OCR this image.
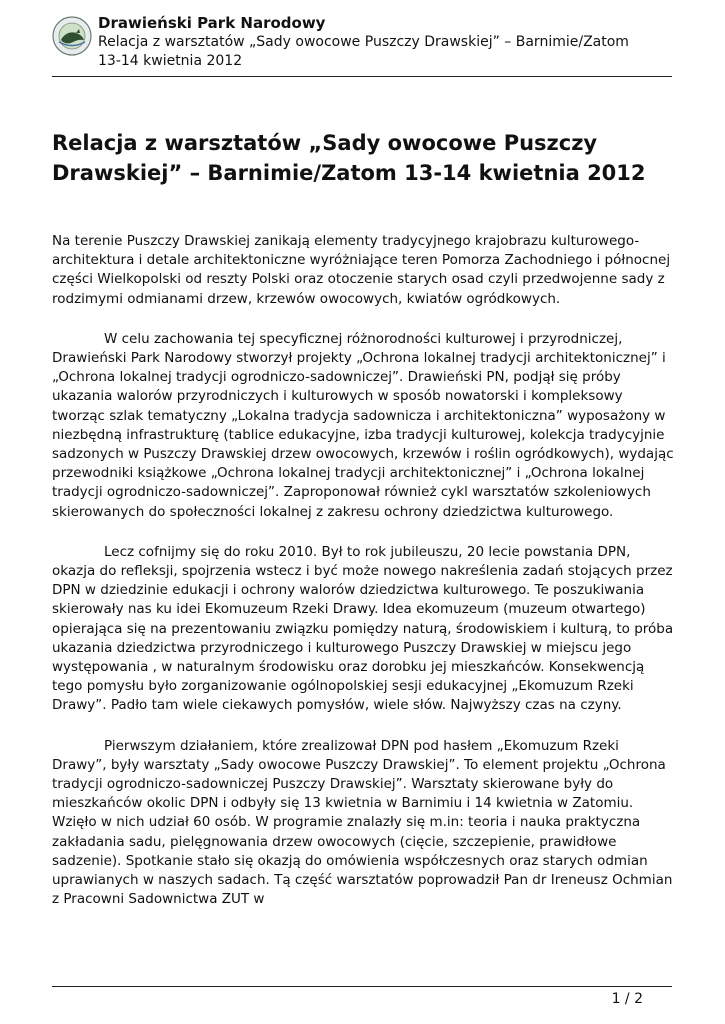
Drawieński Park Narodowy
Relacja z warsztatów „Sady owocowe Puszczy Drawskiej” – Barnimie/Zatom
13-14 kwietnia 2012
Relacja z warsztatów „Sady owocowe Puszczy Drawskiej” – Barnimie/Zatom 13-14 kwietnia 2012

Na terenie Puszczy Drawskiej zanikają elementy tradycyjnego krajobrazu kulturowego- architektura i detale architektoniczne wyróżniające teren Pomorza Zachodniego i północnej części Wielkopolski od reszty Polski oraz otoczenie starych osad czyli przedwojenne sady z rodzimymi odmianami drzew, krzewów owocowych, kwiatów ogródkowych.

W celu zachowania tej specyficznej różnorodności kulturowej i przyrodniczej, Drawieński Park Narodowy stworzył projekty „Ochrona lokalnej tradycji architektonicznej” i „Ochrona lokalnej tradycji ogrodniczo-sadowniczej”. Drawieński PN, podjął się próby ukazania walorów przyrodniczych i kulturowych w sposób nowatorski i kompleksowy tworząc szlak tematyczny „Lokalna tradycja sadownicza i architektoniczna” wyposażony w niezbędną infrastrukturę (tablice edukacyjne, izba tradycji kulturowej, kolekcja tradycyjnie sadzonych w Puszczy Drawskiej drzew owocowych, krzewów i roślin ogródkowych), wydając przewodniki książkowe „Ochrona lokalnej tradycji architektonicznej” i „Ochrona lokalnej tradycji ogrodniczo-sadowniczej”. Zaproponował również cykl warsztatów szkoleniowych skierowanych do społeczności lokalnej z zakresu ochrony dziedzictwa kulturowego.

Lecz cofnijmy się do roku 2010. Był to rok jubileuszu, 20 lecie powstania DPN, okazja do refleksji, spojrzenia wstecz i być może nowego nakreślenia zadań stojących przez DPN w dziedzinie edukacji i ochrony walorów dziedzictwa kulturowego. Te poszukiwania skierowały nas ku idei Ekomuzeum Rzeki Drawy. Idea ekomuzeum (muzeum otwartego) opierająca się na prezentowaniu związku pomiędzy naturą, środowiskiem i kulturą, to próba ukazania dziedzictwa przyrodniczego i kulturowego Puszczy Drawskiej w miejscu jego występowania , w naturalnym środowisku oraz dorobku jej mieszkańców. Konsekwencją tego pomysłu było zorganizowanie ogólnopolskiej sesji edukacyjnej „Ekomuzum Rzeki Drawy”. Padło tam wiele ciekawych pomysłów, wiele słów. Najwyższy czas na czyny.

Pierwszym działaniem, które zrealizował DPN pod hasłem „Ekomuzum Rzeki Drawy”, były warsztaty „Sady owocowe Puszczy Drawskiej”. To element projektu „Ochrona tradycji ogrodniczo-sadowniczej Puszczy Drawskiej”. Warsztaty skierowane były do mieszkańców okolic DPN i odbyły się 13 kwietnia w Barnimiu i 14 kwietnia w Zatomiu. Wzięło w nich udział 60 osób. W programie znalazły się m.in: teoria i nauka praktyczna zakładania sadu, pielęgnowania drzew owocowych (cięcie, szczepienie, prawidłowe sadzenie). Spotkanie stało się okazją do omówienia współczesnych oraz starych odmian uprawianych w naszych sadach. Tą część warsztatów poprowadził Pan dr Ireneusz Ochmian z Pracowni Sadownictwa ZUT w

1 / 2
